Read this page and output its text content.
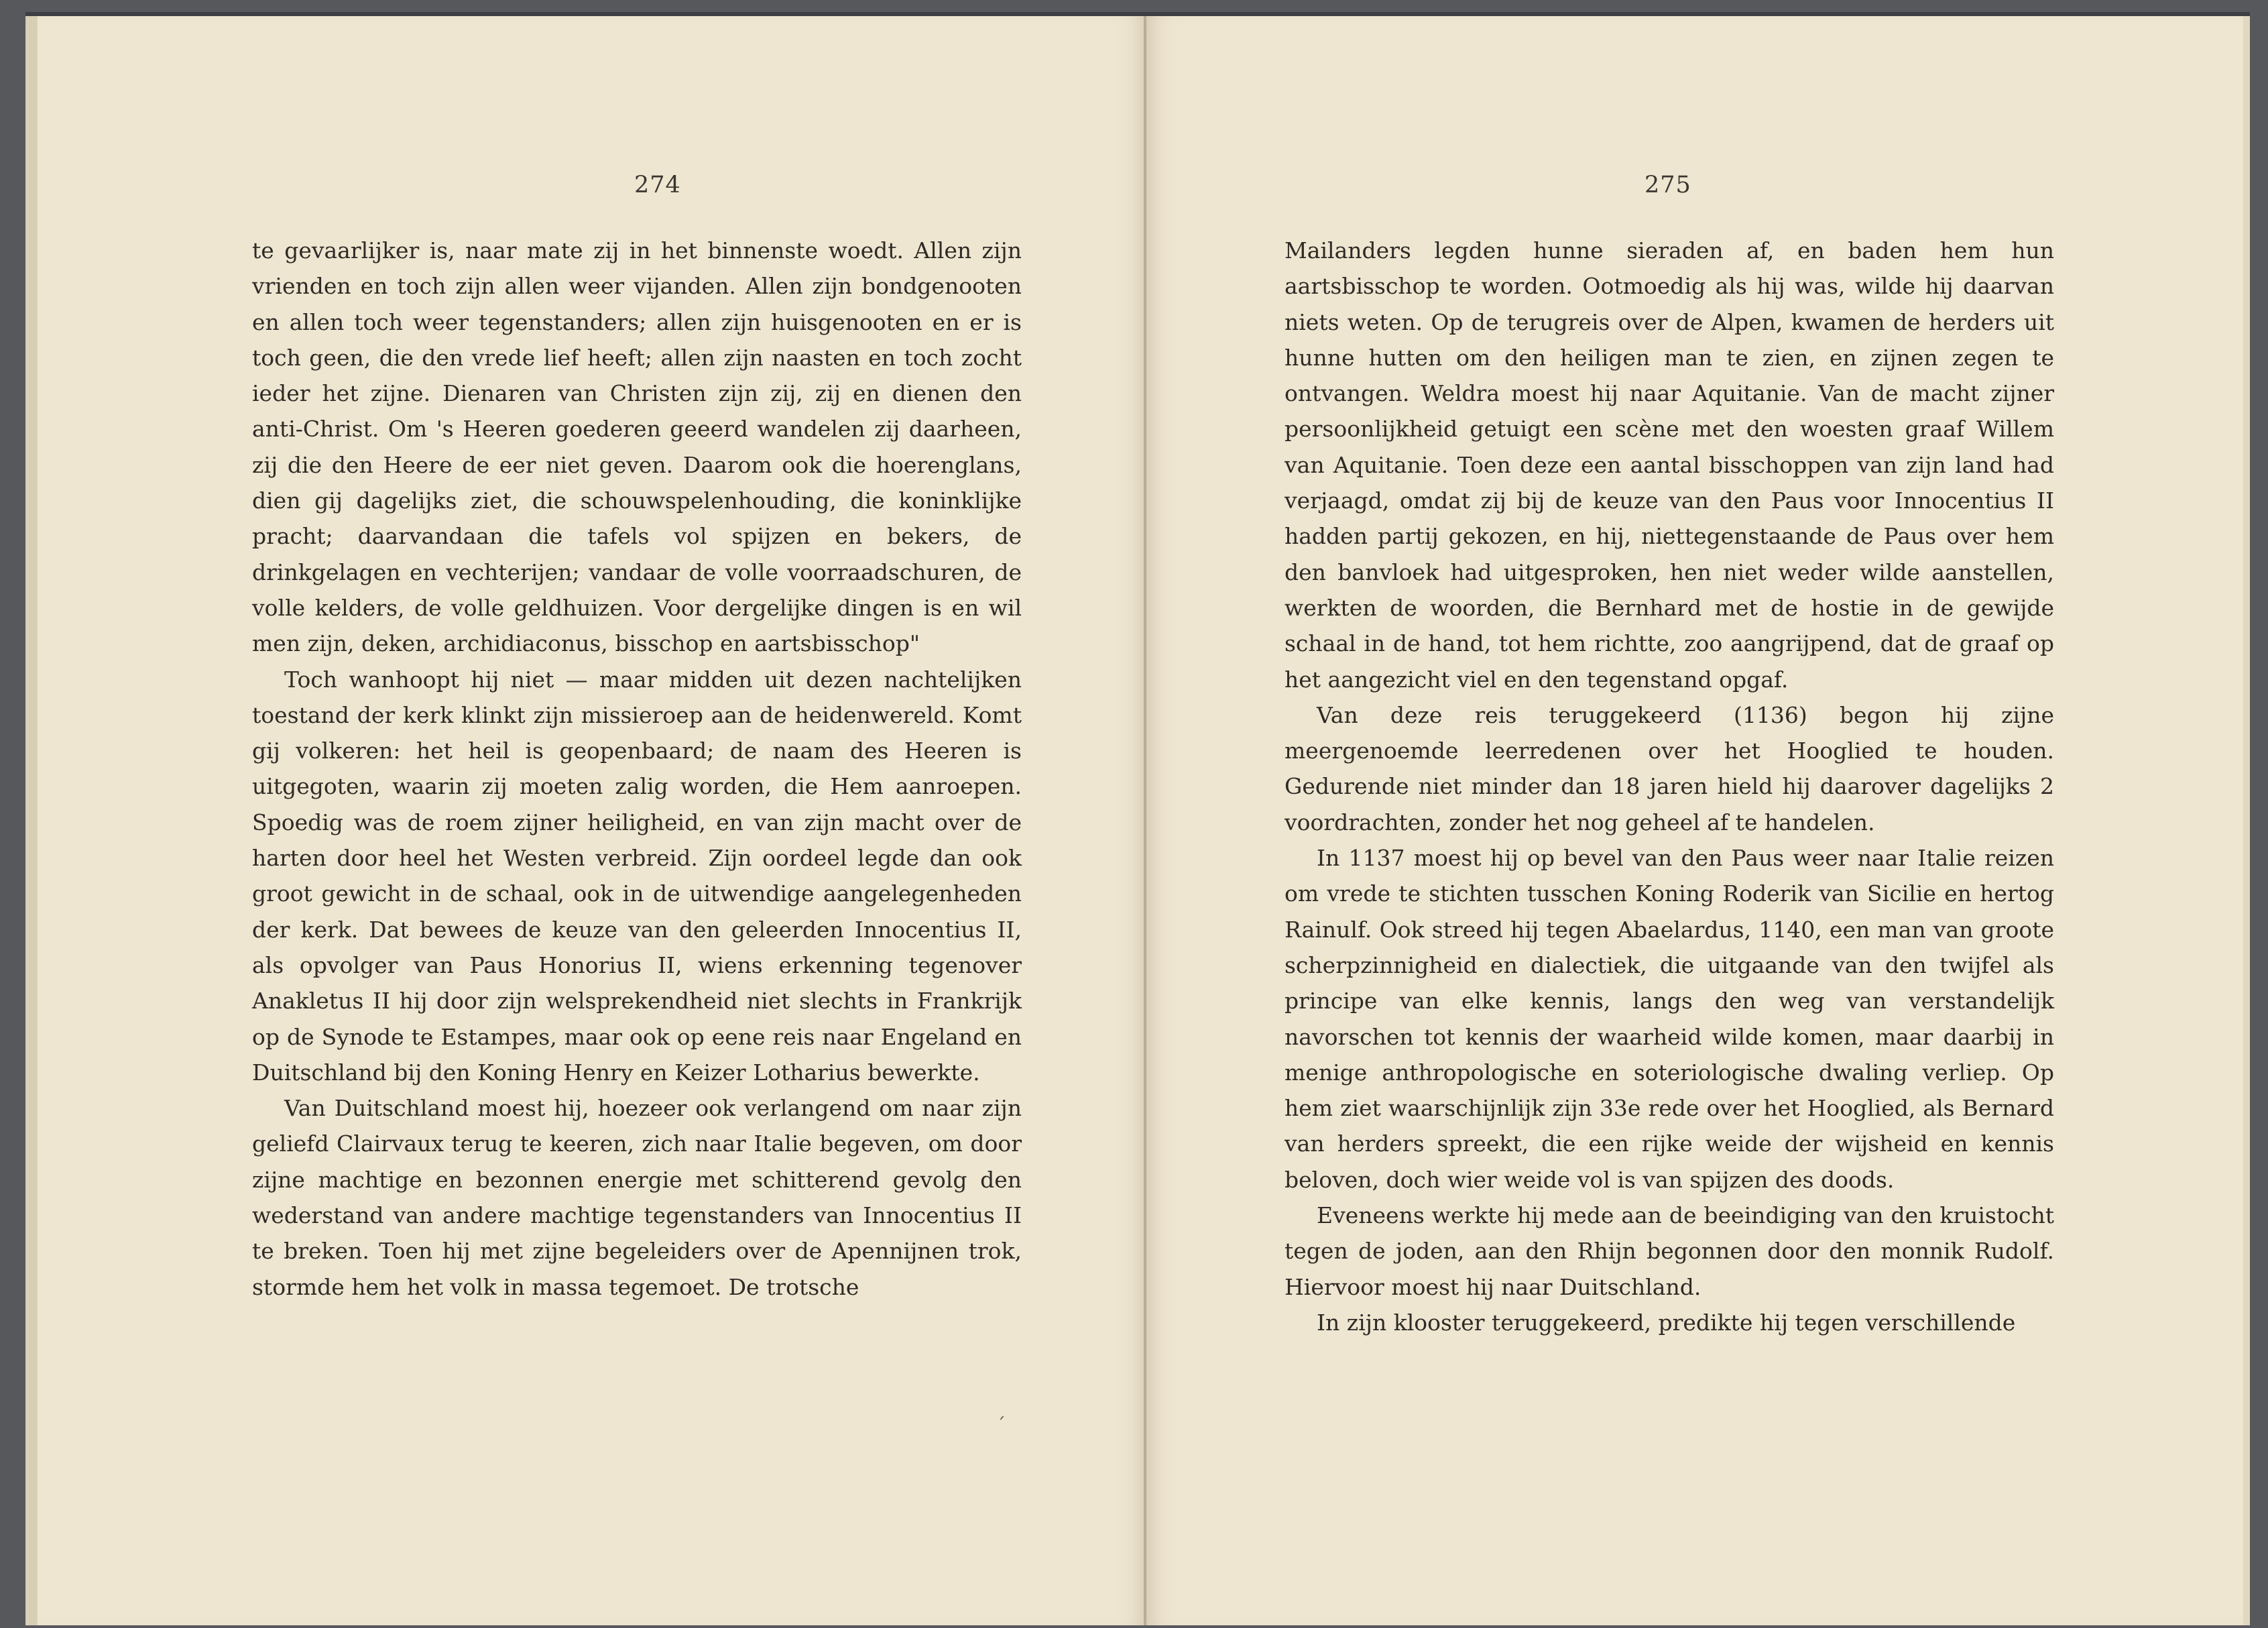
274

te gevaarlijker is, naar mate zij in het binnenste woedt. Allen zijn vrienden en toch zijn allen weer vijanden. Allen zijn bondgenooten en allen toch weer tegenstanders; allen zijn huisgenooten en er is toch geen, die den vrede lief heeft; allen zijn naasten en toch zocht ieder het zijne. Dienaren van Christen zijn zij, zij en dienen den anti-Christ. Om 's Heeren goederen geeerd wandelen zij daarheen, zij die den Heere de eer niet geven. Daarom ook die hoerenglans, dien gij dagelijks ziet, die schouwspelenhouding, die koninklijke pracht; daarvandaan die tafels vol spijzen en bekers, de drinkgelagen en vechterijen; vandaar de volle voorraadschuren, de volle kelders, de volle geldhuizen. Voor dergelijke dingen is en wil men zijn, deken, archidiaconus, bisschop en aartsbisschop"

Toch wanhoopt hij niet — maar midden uit dezen nachtelijken toestand der kerk klinkt zijn missieroep aan de heidenwereld. Komt gij volkeren: het heil is geopenbaard; de naam des Heeren is uitgegoten, waarin zij moeten zalig worden, die Hem aanroepen. Spoedig was de roem zijner heiligheid, en van zijn macht over de harten door heel het Westen verbreid. Zijn oordeel legde dan ook groot gewicht in de schaal, ook in de uitwendige aangelegenheden der kerk. Dat bewees de keuze van den geleerden Innocentius II, als opvolger van Paus Honorius II, wiens erkenning tegenover Anakletus II hij door zijn welsprekendheid niet slechts in Frankrijk op de Synode te Estampes, maar ook op eene reis naar Engeland en Duitschland bij den Koning Henry en Keizer Lotharius bewerkte.

Van Duitschland moest hij, hoezeer ook verlangend om naar zijn geliefd Clairvaux terug te keeren, zich naar Italie begeven, om door zijne machtige en bezonnen energie met schitterend gevolg den wederstand van andere machtige tegenstanders van Innocentius II te breken. Toen hij met zijne begeleiders over de Apennijnen trok, stormde hem het volk in massa tegemoet. De trotsche

´
275

Mailanders legden hunne sieraden af, en baden hem hun aartsbisschop te worden. Ootmoedig als hij was, wilde hij daarvan niets weten. Op de terugreis over de Alpen, kwamen de herders uit hunne hutten om den heiligen man te zien, en zijnen zegen te ontvangen. Weldra moest hij naar Aquitanie. Van de macht zijner persoonlijkheid getuigt een scène met den woesten graaf Willem van Aquitanie. Toen deze een aantal bisschoppen van zijn land had verjaagd, omdat zij bij de keuze van den Paus voor Innocentius II hadden partij gekozen, en hij, niettegenstaande de Paus over hem den banvloek had uitgesproken, hen niet weder wilde aanstellen, werkten de woorden, die Bernhard met de hostie in de gewijde schaal in de hand, tot hem richtte, zoo aangrijpend, dat de graaf op het aangezicht viel en den tegenstand opgaf.

Van deze reis teruggekeerd (1136) begon hij zijne meergenoemde leerredenen over het Hooglied te houden. Gedurende niet minder dan 18 jaren hield hij daarover dagelijks 2 voordrachten, zonder het nog geheel af te handelen.

In 1137 moest hij op bevel van den Paus weer naar Italie reizen om vrede te stichten tusschen Koning Roderik van Sicilie en hertog Rainulf. Ook streed hij tegen Abaelardus, 1140, een man van groote scherpzinnigheid en dialectiek, die uitgaande van den twijfel als principe van elke kennis, langs den weg van verstandelijk navorschen tot kennis der waarheid wilde komen, maar daarbij in menige anthropologische en soteriologische dwaling verliep. Op hem ziet waarschijnlijk zijn 33e rede over het Hooglied, als Bernard van herders spreekt, die een rijke weide der wijsheid en kennis beloven, doch wier weide vol is van spijzen des doods.

Eveneens werkte hij mede aan de beeindiging van den kruistocht tegen de joden, aan den Rhijn begonnen door den monnik Rudolf. Hiervoor moest hij naar Duitschland.

In zijn klooster teruggekeerd, predikte hij tegen verschillende
